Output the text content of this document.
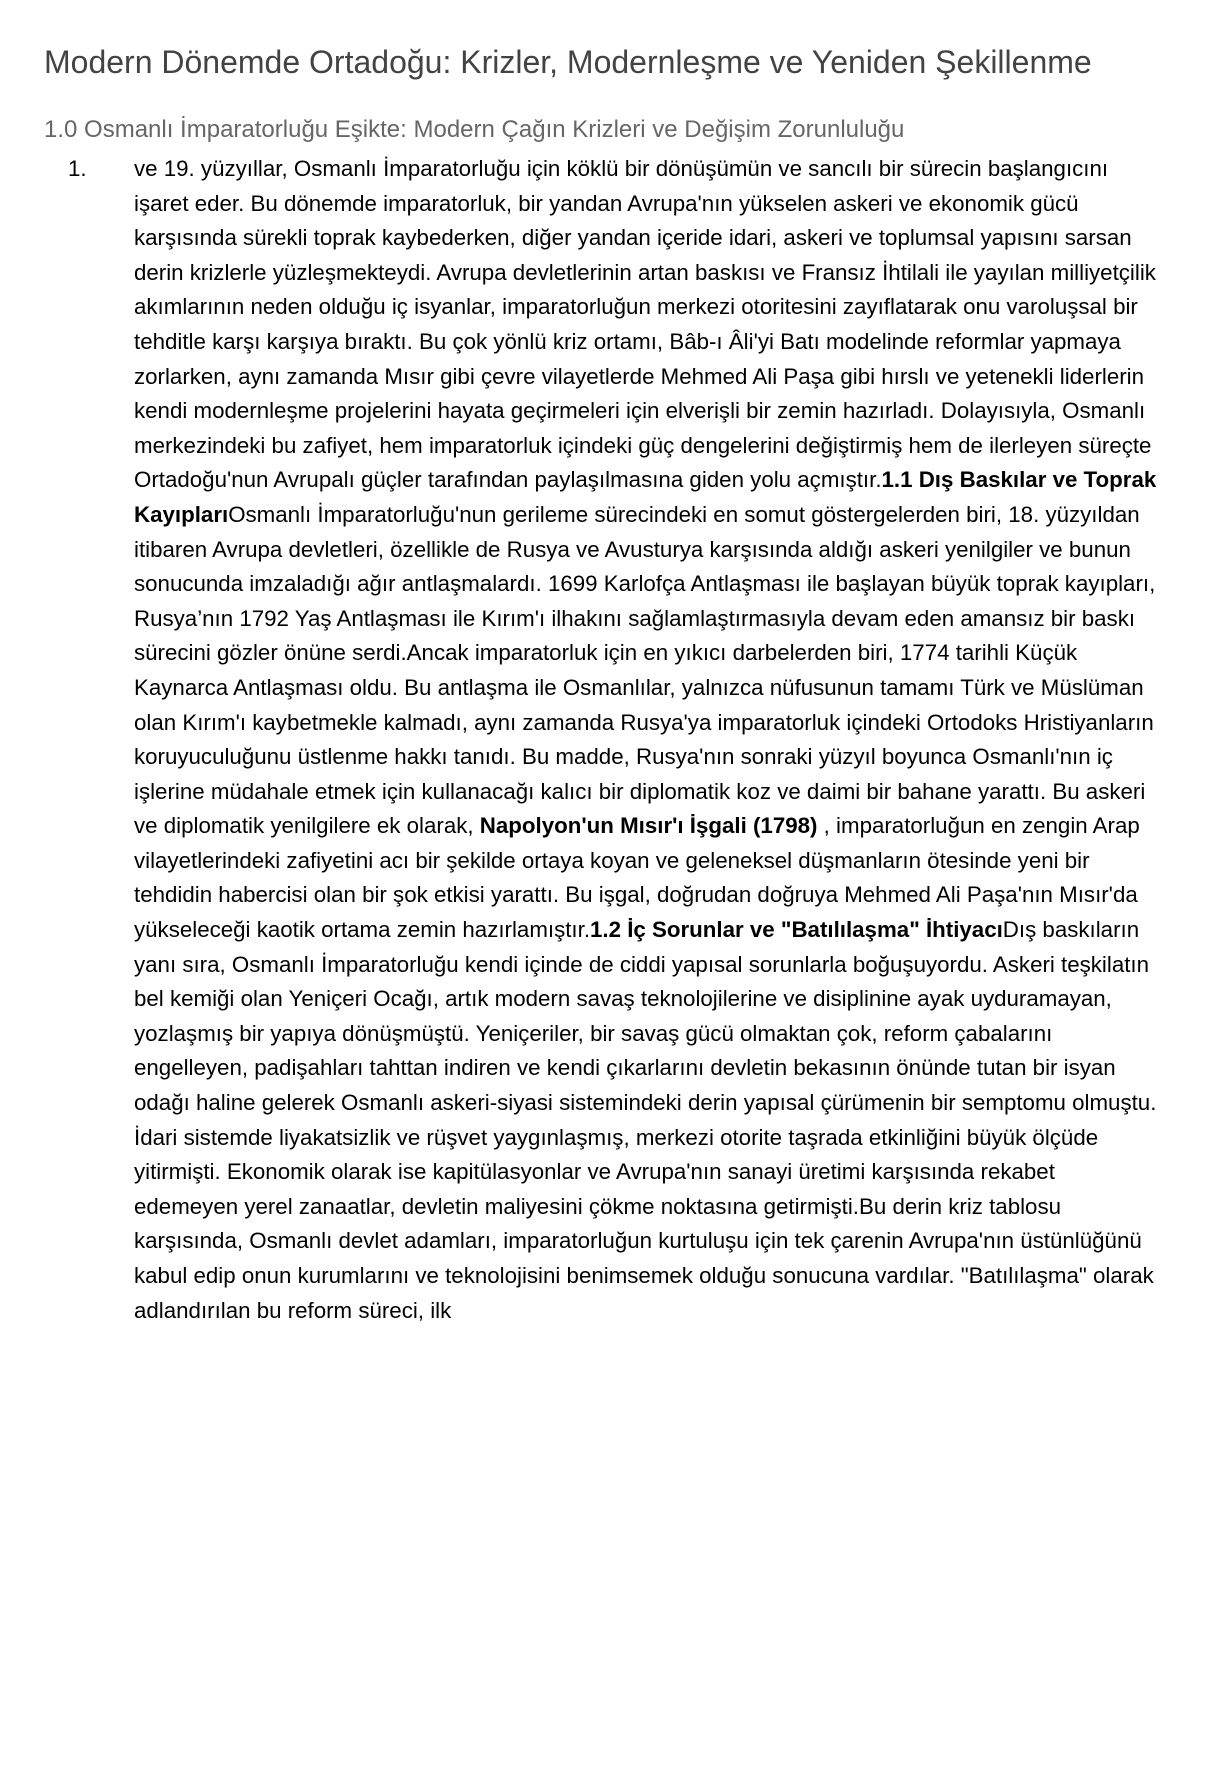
Modern Dönemde Ortadoğu: Krizler, Modernleşme ve Yeniden Şekillenme
1.0 Osmanlı İmparatorluğu Eşikte: Modern Çağın Krizleri ve Değişim Zorunluluğu
1. ve 19. yüzyıllar, Osmanlı İmparatorluğu için köklü bir dönüşümün ve sancılı bir sürecin başlangıcını işaret eder. Bu dönemde imparatorluk, bir yandan Avrupa'nın yükselen askeri ve ekonomik gücü karşısında sürekli toprak kaybederken, diğer yandan içeride idari, askeri ve toplumsal yapısını sarsan derin krizlerle yüzleşmekteydi. Avrupa devletlerinin artan baskısı ve Fransız İhtilali ile yayılan milliyetçilik akımlarının neden olduğu iç isyanlar, imparatorluğun merkezi otoritesini zayıflatarak onu varoluşsal bir tehditle karşı karşıya bıraktı. Bu çok yönlü kriz ortamı, Bâb-ı Âli'yi Batı modelinde reformlar yapmaya zorlarken, aynı zamanda Mısır gibi çevre vilayetlerde Mehmed Ali Paşa gibi hırslı ve yetenekli liderlerin kendi modernleşme projelerini hayata geçirmeleri için elverişli bir zemin hazırladı. Dolayısıyla, Osmanlı merkezindeki bu zafiyet, hem imparatorluk içindeki güç dengelerini değiştirmiş hem de ilerleyen süreçte Ortadoğu'nun Avrupalı güçler tarafından paylaşılmasına giden yolu açmıştır.1.1 Dış Baskılar ve Toprak KayıplarıOsmanlı İmparatorluğu'nun gerileme sürecindeki en somut göstergelerden biri, 18. yüzyıldan itibaren Avrupa devletleri, özellikle de Rusya ve Avusturya karşısında aldığı askeri yenilgiler ve bunun sonucunda imzaladığı ağır antlaşmalardı. 1699 Karlofça Antlaşması ile başlayan büyük toprak kayıpları, Rusya’nın 1792 Yaş Antlaşması ile Kırım'ı ilhakını sağlamlaştırmasıyla devam eden amansız bir baskı sürecini gözler önüne serdi.Ancak imparatorluk için en yıkıcı darbelerden biri, 1774 tarihli Küçük Kaynarca Antlaşması oldu. Bu antlaşma ile Osmanlılar, yalnızca nüfusunun tamamı Türk ve Müslüman olan Kırım'ı kaybetmekle kalmadı, aynı zamanda Rusya'ya imparatorluk içindeki Ortodoks Hristiyanların koruyuculuğunu üstlenme hakkı tanıdı. Bu madde, Rusya'nın sonraki yüzyıl boyunca Osmanlı'nın iç işlerine müdahale etmek için kullanacağı kalıcı bir diplomatik koz ve daimi bir bahane yarattı. Bu askeri ve diplomatik yenilgilere ek olarak, Napolyon'un Mısır'ı İşgali (1798) , imparatorluğun en zengin Arap vilayetlerindeki zafiyetini acı bir şekilde ortaya koyan ve geleneksel düşmanların ötesinde yeni bir tehdidin habercisi olan bir şok etkisi yarattı. Bu işgal, doğrudan doğruya Mehmed Ali Paşa'nın Mısır'da yükseleceği kaotik ortama zemin hazırlamıştır.1.2 İç Sorunlar ve "Batılılaşma" İhtiyacıDış baskıların yanı sıra, Osmanlı İmparatorluğu kendi içinde de ciddi yapısal sorunlarla boğuşuyordu. Askeri teşkilatın bel kemiği olan Yeniçeri Ocağı, artık modern savaş teknolojilerine ve disiplinine ayak uyduramayan, yozlaşmış bir yapıya dönüşmüştü. Yeniçeriler, bir savaş gücü olmaktan çok, reform çabalarını engelleyen, padişahları tahttan indiren ve kendi çıkarlarını devletin bekasının önünde tutan bir isyan odağı haline gelerek Osmanlı askeri-siyasi sistemindeki derin yapısal çürümenin bir semptomu olmuştu. İdari sistemde liyakatsizlik ve rüşvet yaygınlaşmış, merkezi otorite taşrada etkinliğini büyük ölçüde yitirmişti. Ekonomik olarak ise kapitülasyonlar ve Avrupa'nın sanayi üretimi karşısında rekabet edemeyen yerel zanaatlar, devletin maliyesini çökme noktasına getirmişti.Bu derin kriz tablosu karşısında, Osmanlı devlet adamları, imparatorluğun kurtuluşu için tek çarenin Avrupa'nın üstünlüğünü kabul edip onun kurumlarını ve teknolojisini benimsemek olduğu sonucuna vardılar. "Batılılaşma" olarak adlandırılan bu reform süreci, ilk
